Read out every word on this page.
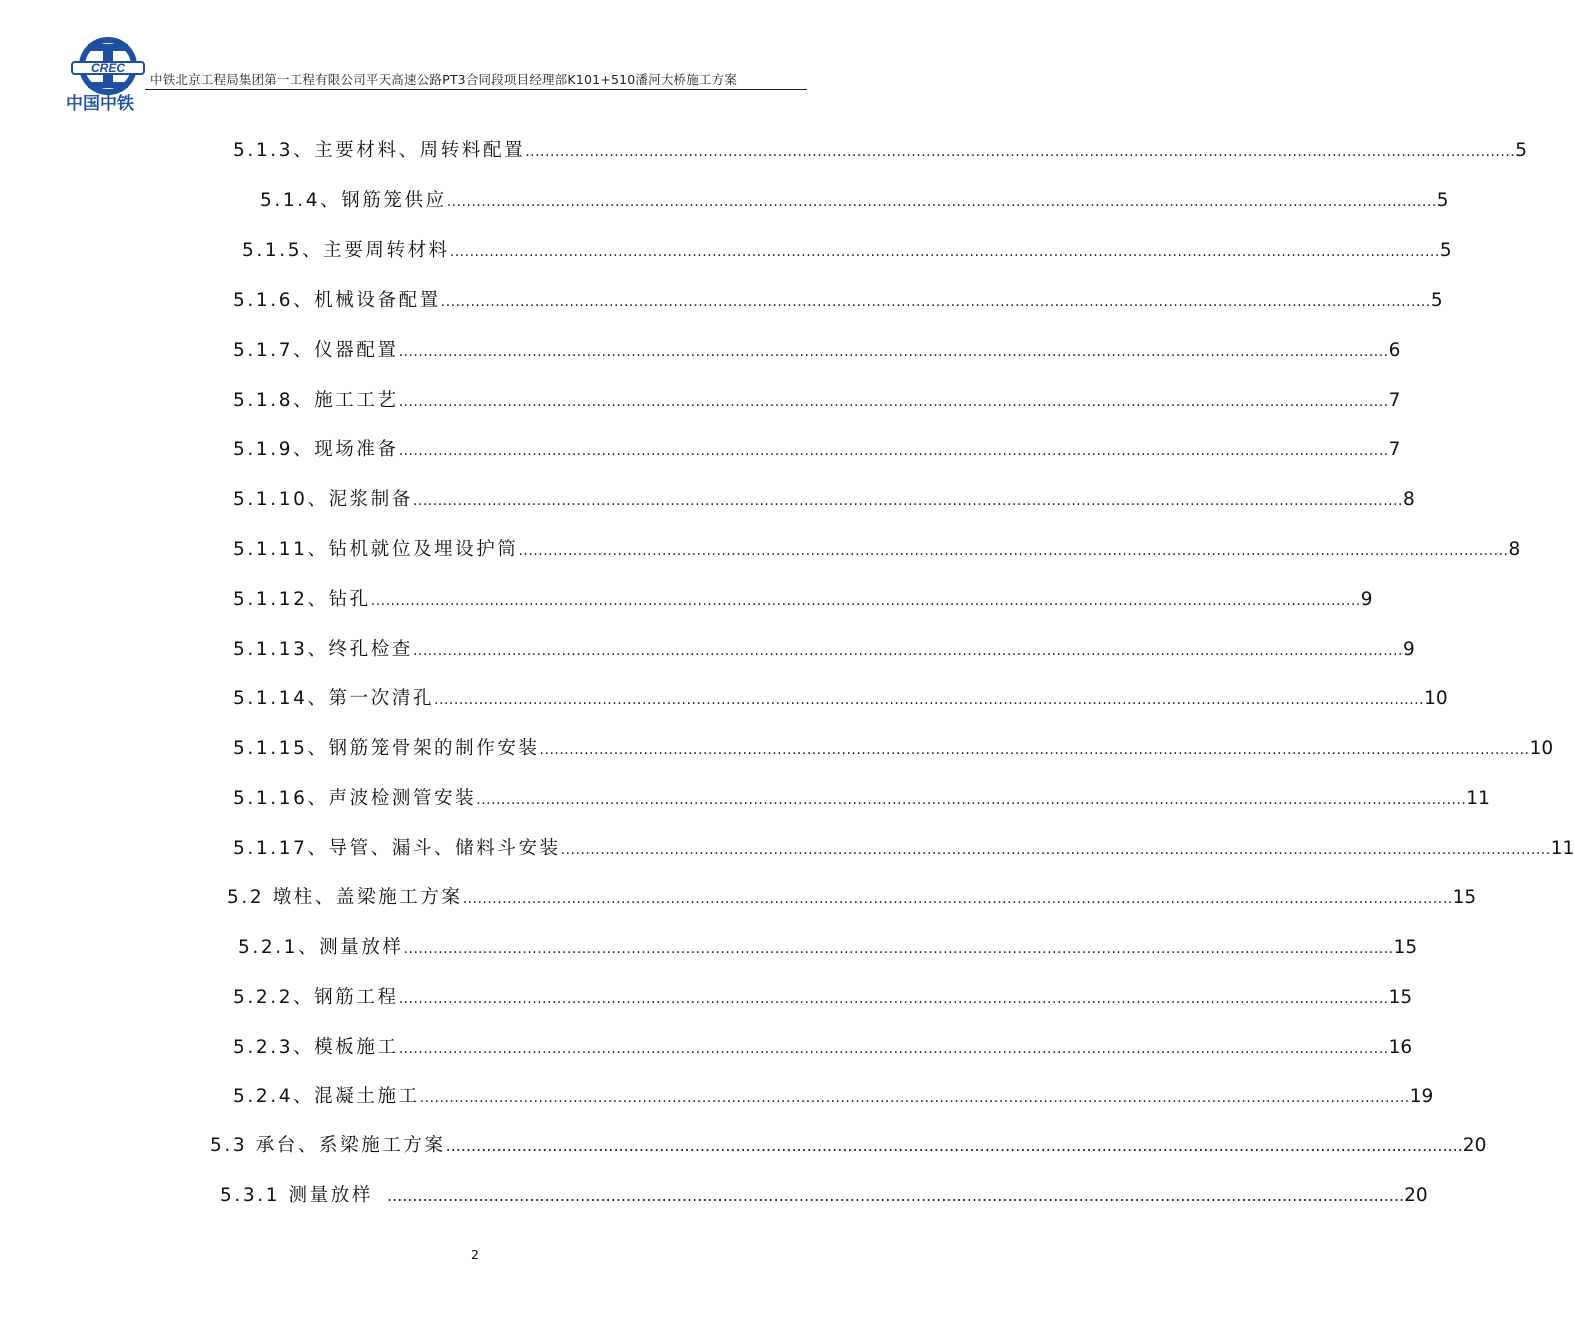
CREC
中国中铁
中铁北京工程局集团第一工程有限公司平天高速公路PT3合同段项目经理部K101+510潘河大桥施工方案
5.1.3、主要材料、周转料配置 ........................................................................................................................................................................................................ 5
5.1.4、钢筋笼供应 ........................................................................................................................................................................................................ 5
5.1.5、主要周转材料 ........................................................................................................................................................................................................ 5
5.1.6、机械设备配置 ........................................................................................................................................................................................................ 5
5.1.7、仪器配置 ........................................................................................................................................................................................................ 6
5.1.8、施工工艺 ........................................................................................................................................................................................................ 7
5.1.9、现场准备 ........................................................................................................................................................................................................ 7
5.1.10、泥浆制备 ........................................................................................................................................................................................................ 8
5.1.11、钻机就位及埋设护筒 ........................................................................................................................................................................................................ 8
5.1.12、钻孔 ........................................................................................................................................................................................................ 9
5.1.13、终孔检查 ........................................................................................................................................................................................................ 9
5.1.14、第一次清孔 ........................................................................................................................................................................................................ 10
5.1.15、钢筋笼骨架的制作安装 ........................................................................................................................................................................................................ 10
5.1.16、声波检测管安装 ........................................................................................................................................................................................................ 11
5.1.17、导管、漏斗、储料斗安装 ........................................................................................................................................................................................................ 11
5.2 墩柱、盖梁施工方案 ........................................................................................................................................................................................................ 15
5.2.1、测量放样 ........................................................................................................................................................................................................ 15
5.2.2、钢筋工程 ........................................................................................................................................................................................................ 15
5.2.3、模板施工 ........................................................................................................................................................................................................ 16
5.2.4、混凝土施工 ........................................................................................................................................................................................................ 19
5.3 承台、系梁施工方案 ........................................................................................................................................................................................................ 20
5.3.1 测量放样 ........................................................................................................................................................................................................ 20
2
